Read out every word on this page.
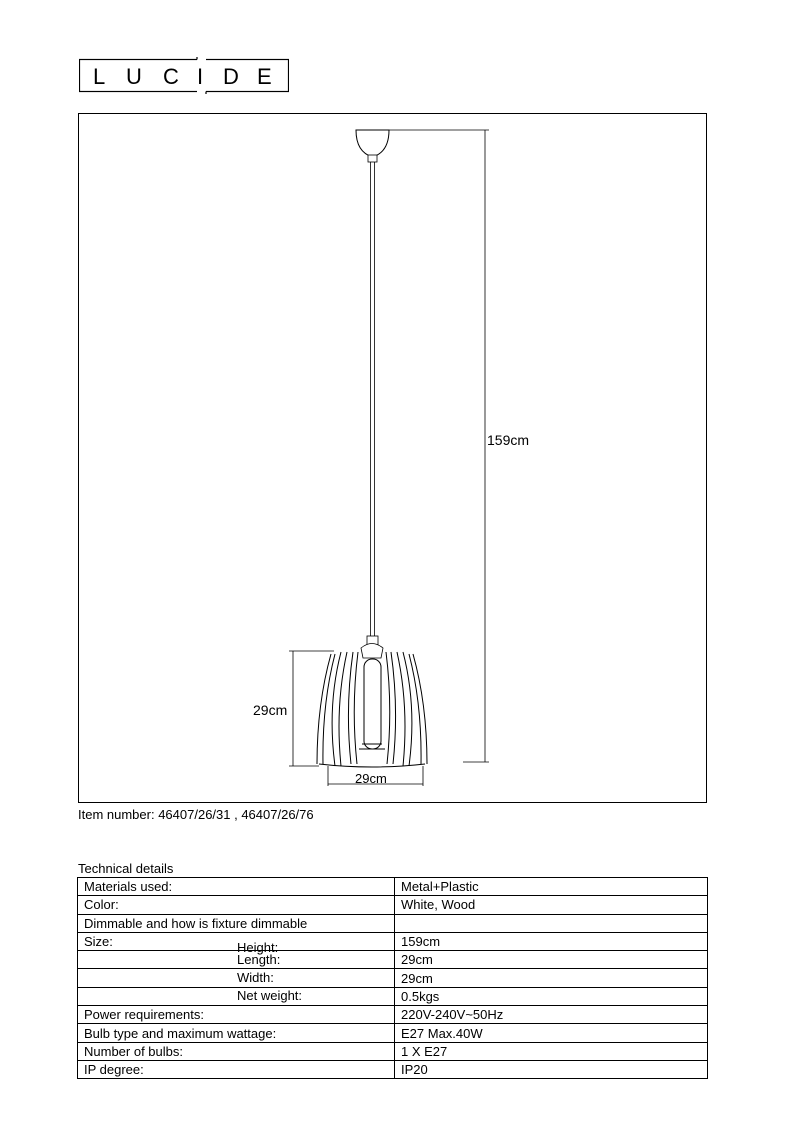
L U C I D E
159cm
29cm
29cm
Item number: 46407/26/31 , 46407/26/76
Technical details
Materials used:	Metal+Plastic
Color:	White, Wood
Dimmable and how is fixture dimmable	
Size: Height:	159cm

Length:	29cm

Width:	29cm

Net weight:	0.5kgs
Power requirements:	220V-240V~50Hz
Bulb type and maximum wattage:	E27 Max.40W
Number of bulbs:	1 X E27
IP degree:	IP20
